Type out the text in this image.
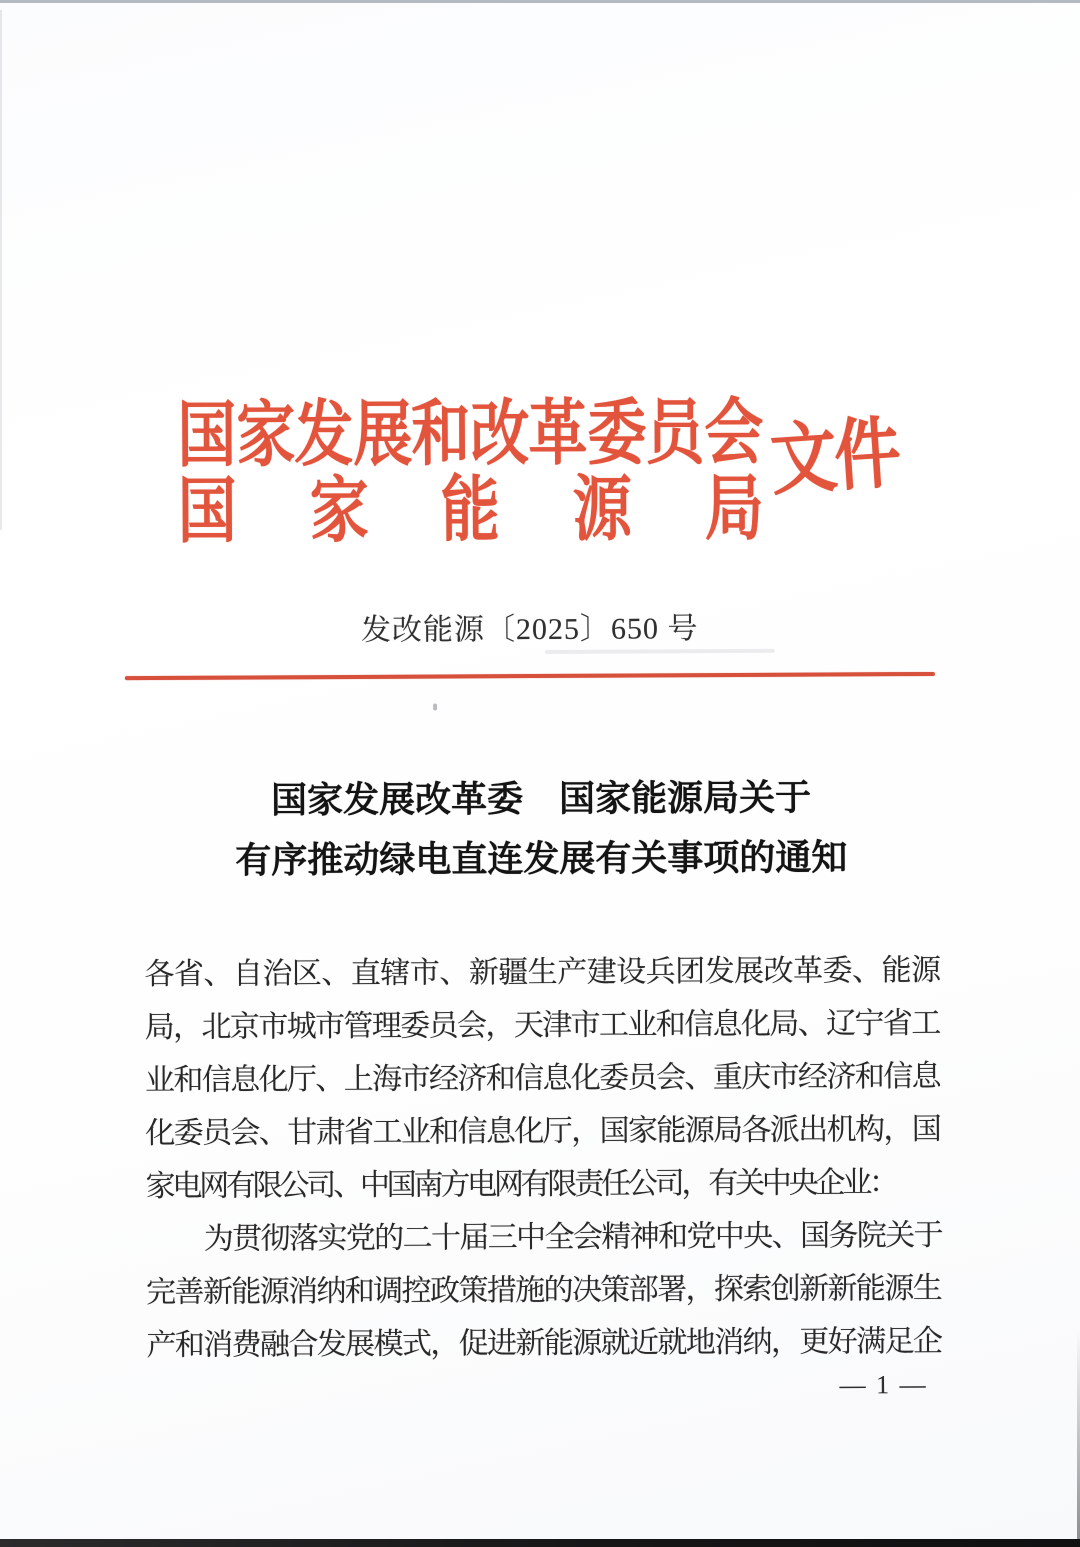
国 家 发 展 和 改 革 委 员 会
国 家 能 源 局
文件
发改能源〔2025〕650 号
国家发展改革委　国家能源局关于
有序推动绿电直连发展有关事项的通知
各 省 、 自 治 区 、 直 辖 市 、 新 疆 生 产 建 设 兵 团 发 展 改 革 委 、 能 源
局
，
北
京
市
城
市
管
理
委
员
会
，
天
津
市
工
业
和
信
息
化
局
、
辽
宁
省
工
业
和
信
息
化
厅
、
上
海
市
经
济
和
信
息
化
委
员
会
、
重
庆
市
经
济
和
信
息
化
委
员
会
、
甘
肃
省
工
业
和
信
息
化
厅
，
国
家
能
源
局
各
派
出
机
构
，
国
家
电
网
有
限
公
司
、
中
国
南
方
电
网
有
限
责
任
公
司
，
有
关
中
央
企
业
：
为
贯
彻
落
实
党
的
二
十
届
三
中
全
会
精
神
和
党
中
央
、
国
务
院
关
于
完
善
新
能
源
消
纳
和
调
控
政
策
措
施
的
决
策
部
署
，
探
索
创
新
新
能
源
生
产
和
消
费
融
合
发
展
模
式
，
促
进
新
能
源
就
近
就
地
消
纳
，
更
好
满
足
企
— 1 —
